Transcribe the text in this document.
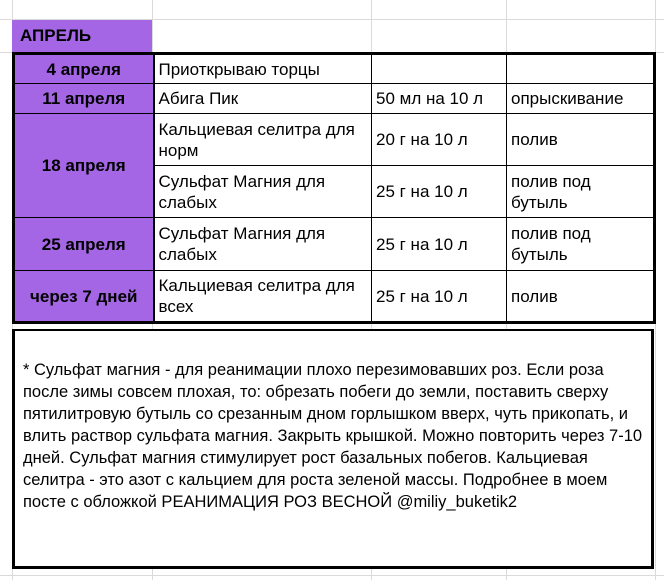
АПРЕЛЬ
4 апреля	Приоткрываю торцы		
11 апреля	Абига Пик	50 мл на 10 л	опрыскивание
18 апреля	Кальциевая селитра для норм	20 г на 10 л	полив
	Сульфат Магния для слабых	25 г на 10 л	полив под бутыль
25 апреля	Сульфат Магния для слабых	25 г на 10 л	полив под бутыль
через 7 дней	Кальциевая селитра для всех	25 г на 10 л	полив
* Сульфат магния - для реанимации плохо перезимовавших роз. Если роза после зимы совсем плохая, то: обрезать побеги до земли, поставить сверху пятилитровую бутыль со срезанным дном горлышком вверх, чуть прикопать, и влить раствор сульфата магния. Закрыть крышкой. Можно повторить через 7-10 дней. Сульфат магния стимулирует рост базальных побегов. Кальциевая селитра - это азот с кальцием для роста зеленой массы. Подробнее в моем посте с обложкой РЕАНИМАЦИЯ РОЗ ВЕСНОЙ @miliy_buketik2
